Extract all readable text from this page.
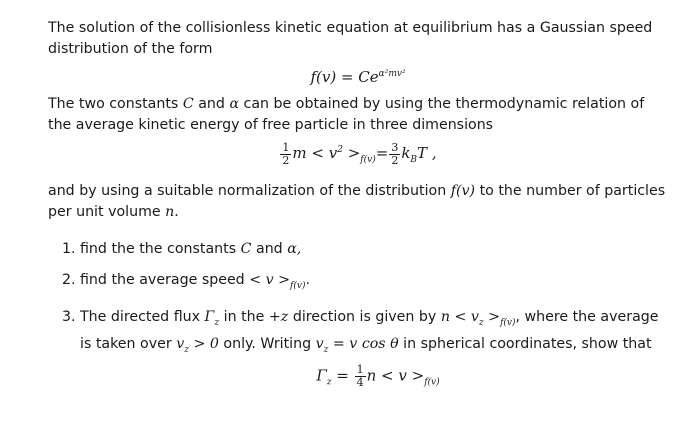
The solution of the collisionless kinetic equation at equilibrium has a Gaussian speed distribution of the form

$f(v) = Ce^{\alpha^2mv^2}$

The two constants C and α can be obtained by using the thermodynamic relation of the average kinetic energy of free particle in three dimensions

$\frac{1}{2}$ $m < v^2 >_{f(v)}= \frac{3}{2} k_BT$ ,

and by using a suitable normalization of the distribution f(v) to the number of particles per unit volume n.

1. find the the constants C and α,
2. find the average speed < $v >_{f(v)}$.
3. The directed flux $\Gamma_z$ in the +z direction is given by $n < v_z >_{f(v)}$, where the average is taken over $v_z > 0$ only. Writing $v_z = v$ cos θ in spherical coordinates, show that
$\Gamma_z = \frac{1}{4}$ $n < v >_{f(v)}$
